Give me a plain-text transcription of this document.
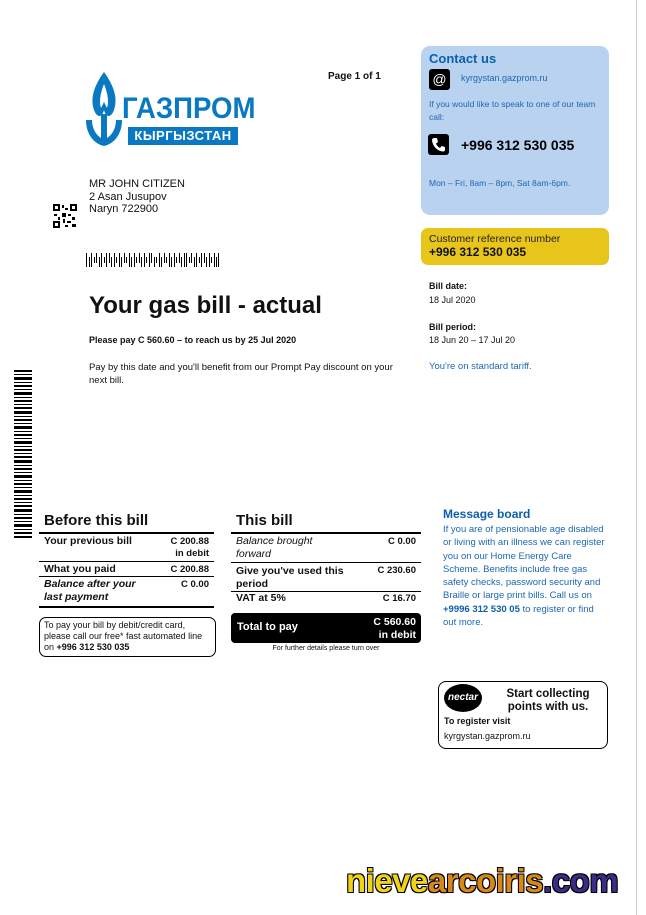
ГАЗПРОМ
КЫРГЫЗСТАН
Page 1 of 1
MR JOHN CITIZEN
2 Asan Jusupov
Naryn 722900
Your gas bill - actual
Please pay C 560.60 – to reach us by 25 Jul 2020
Pay by this date and you'll benefit from our Prompt Pay discount on your next bill.
Contact us
@	kyrgystan.gazprom.ru
If you would like to speak to one of our team call:
+996 312 530 035
Mon – Fri, 8am – 8pm, Sat 8am-6pm.
Customer reference number
+996 312 530 035
Bill date:
18 Jul 2020
Bill period:
18 Jun 20 – 17 Jul 20
You're on standard tariff.
Before this bill
Your previous bill	C 200.88
in debit
What you paid	C 200.88
Balance after your last payment
C 0.00
To pay your bill by debit/credit card, please call our free* fast automated line on +996 312 530 035
This bill
Balance brought forward
C 0.00
Give you've used this period
C 230.60
VAT at 5%	C 16.70
Total to pay	C 560.60
in debit
For further details please turn over
Message board
If you are of pensionable age disabled or living with an illness we can register you on our Home Energy Care Scheme. Benefits include free gas safety checks, password security and Braille or large print bills. Call us on +9996 312 530 05 to register or find out more.
nectar	Start collecting points with us.
To register visit
kyrgystan.gazprom.ru
nievearcoiris.com
